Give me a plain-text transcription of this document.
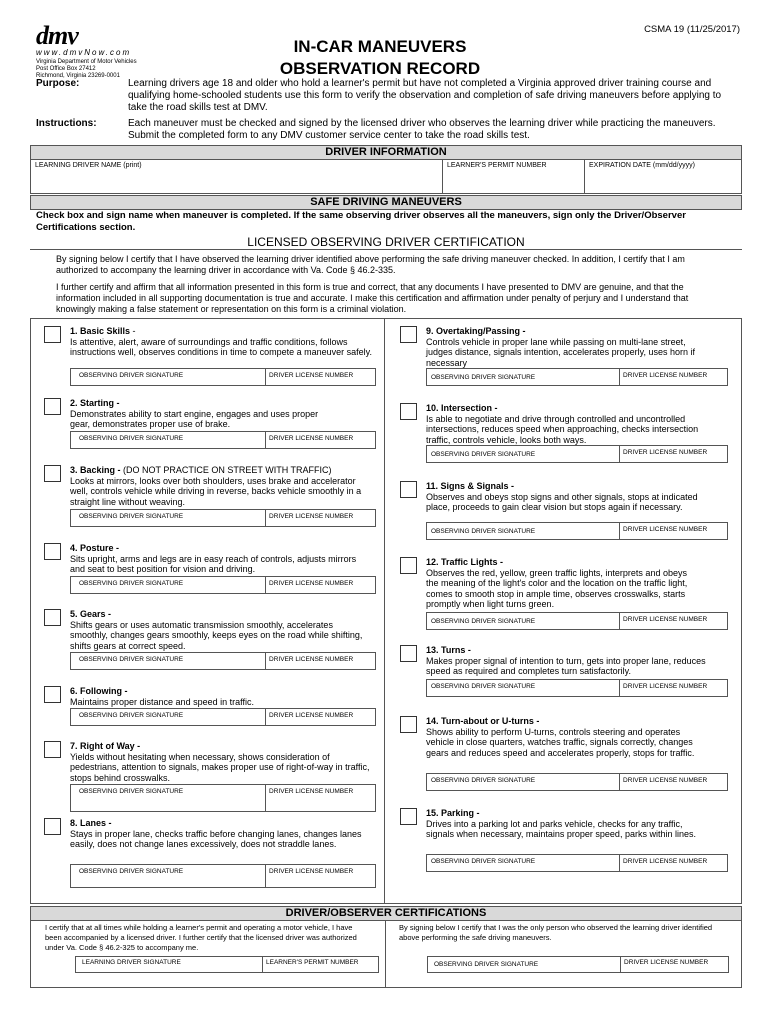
CSMA 19 (11/25/2017)
dmv
www.dmvNow.com
Virginia Department of Motor Vehicles
Post Office Box 27412
Richmond, Virginia 23269-0001
IN-CAR MANEUVERS
OBSERVATION RECORD
Purpose:	Learning drivers age 18 and older who hold a learner's permit but have not completed a Virginia approved driver training course and qualifying home-schooled students use this form to verify the observation and completion of safe driving maneuvers before applying to take the road skills test at DMV.
Instructions:	Each maneuver must be checked and signed by the licensed driver who observes the learning driver while practicing the maneuvers. Submit the completed form to any DMV customer service center to take the road skills test.
DRIVER INFORMATION
LEARNING DRIVER NAME (print)	LEARNER'S PERMIT NUMBER	EXPIRATION DATE (mm/dd/yyyy)
SAFE DRIVING MANEUVERS
Check box and sign name when maneuver is completed. If the same observing driver observes all the maneuvers, sign only the Driver/Observer Certifications section.
LICENSED OBSERVING DRIVER CERTIFICATION
By signing below I certify that I have observed the learning driver identified above performing the safe driving maneuver checked. In addition, I certify that I am authorized to accompany the learning driver in accordance with Va. Code § 46.2-335.
I further certify and affirm that all information presented in this form is true and correct, that any documents I have presented to DMV are genuine, and that the information included in all supporting documentation is true and accurate. I make this certification and affirmation under penalty of perjury and I understand that knowingly making a false statement or representation on this form is a criminal violation.
1. Basic Skills -
Is attentive, alert, aware of surroundings and traffic conditions, follows instructions well, observes conditions in time to compete a maneuver safely.
OBSERVING DRIVER SIGNATURE	DRIVER LICENSE NUMBER
2. Starting -
Demonstrates ability to start engine, engages and uses proper gear, demonstrates proper use of brake.
OBSERVING DRIVER SIGNATURE	DRIVER LICENSE NUMBER
3. Backing - (DO NOT PRACTICE ON STREET WITH TRAFFIC)
Looks at mirrors, looks over both shoulders, uses brake and accelerator well, controls vehicle while driving in reverse, backs vehicle smoothly in a straight line without weaving.
OBSERVING DRIVER SIGNATURE	DRIVER LICENSE NUMBER
4. Posture -
Sits upright, arms and legs are in easy reach of controls, adjusts mirrors and seat to best position for vision and driving.
OBSERVING DRIVER SIGNATURE	DRIVER LICENSE NUMBER
5. Gears -
Shifts gears or uses automatic transmission smoothly, accelerates smoothly, changes gears smoothly, keeps eyes on the road while shifting, shifts gears at correct speed.
OBSERVING DRIVER SIGNATURE	DRIVER LICENSE NUMBER
6. Following -
Maintains proper distance and speed in traffic.
OBSERVING DRIVER SIGNATURE	DRIVER LICENSE NUMBER
7. Right of Way -
Yields without hesitating when necessary, shows consideration of pedestrians, attention to signals, makes proper use of right-of-way in traffic, stops behind crosswalks.
OBSERVING DRIVER SIGNATURE	DRIVER LICENSE NUMBER
8. Lanes -
Stays in proper lane, checks traffic before changing lanes, changes lanes easily, does not change lanes excessively, does not straddle lanes.
OBSERVING DRIVER SIGNATURE	DRIVER LICENSE NUMBER
9. Overtaking/Passing -
Controls vehicle in proper lane while passing on multi-lane street, judges distance, signals intention, accelerates properly, uses horn if necessary
OBSERVING DRIVER SIGNATURE	DRIVER LICENSE NUMBER
10. Intersection -
Is able to negotiate and drive through controlled and uncontrolled intersections, reduces speed when approaching, checks intersection traffic, controls vehicle, looks both ways.
OBSERVING DRIVER SIGNATURE	DRIVER LICENSE NUMBER
11. Signs & Signals -
Observes and obeys stop signs and other signals, stops at indicated place, proceeds to gain clear vision but stops again if necessary.
OBSERVING DRIVER SIGNATURE	DRIVER LICENSE NUMBER
12. Traffic Lights -
Observes the red, yellow, green traffic lights, interprets and obeys the meaning of the light's color and the location on the traffic light, comes to smooth stop in ample time, observes crosswalks, starts promptly when light turns green.
OBSERVING DRIVER SIGNATURE	DRIVER LICENSE NUMBER
13. Turns -
Makes proper signal of intention to turn, gets into proper lane, reduces speed as required and completes turn satisfactorily.
OBSERVING DRIVER SIGNATURE	DRIVER LICENSE NUMBER
14. Turn-about or U-turns -
Shows ability to perform U-turns, controls steering and operates vehicle in close quarters, watches traffic, signals correctly, changes gears and reduces speed and accelerates properly, stops for traffic.
OBSERVING DRIVER SIGNATURE	DRIVER LICENSE NUMBER
15. Parking -
Drives into a parking lot and parks vehicle, checks for any traffic, signals when necessary, maintains proper speed, parks within lines.
OBSERVING DRIVER SIGNATURE	DRIVER LICENSE NUMBER
DRIVER/OBSERVER CERTIFICATIONS
I certify that at all times while holding a learner's permit and operating a motor vehicle, I have been accompanied by a licensed driver. I further certify that the licensed driver was authorized under Va. Code § 46.2-325 to accompany me.
LEARNING DRIVER SIGNATURE	LEARNER'S PERMIT NUMBER
By signing below I certify that I was the only person who observed the learning driver identified above performing the safe driving maneuvers.
OBSERVING DRIVER SIGNATURE	DRIVER LICENSE NUMBER
